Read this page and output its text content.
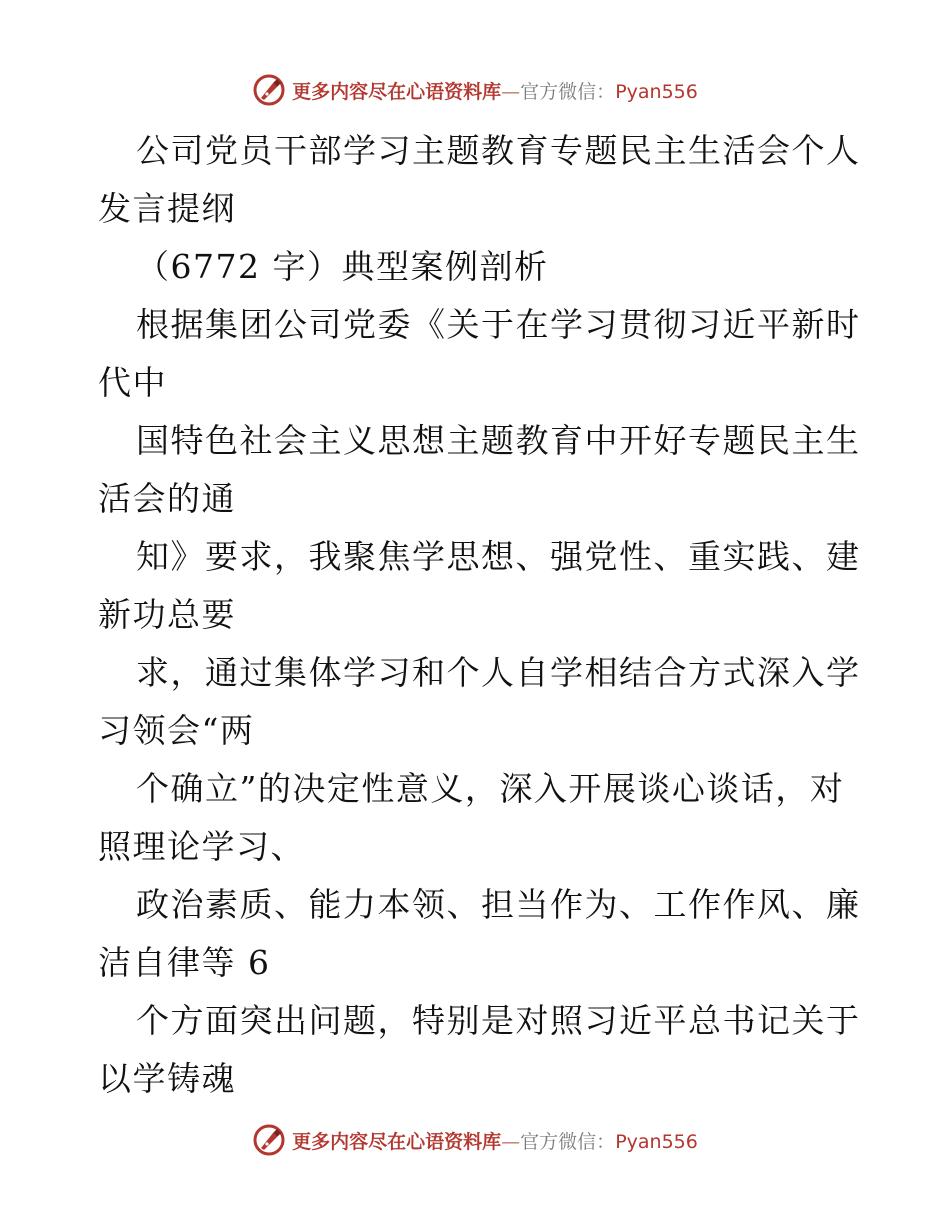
更多内容尽在心语资料库—官方微信：Pyan556
公司党员干部学习主题教育专题民主生活会个人
发言提纲
（6772 字）典型案例剖析
根据集团公司党委《关于在学习贯彻习近平新时
代中
国特色社会主义思想主题教育中开好专题民主生
活会的通
知》要求，我聚焦学思想、强党性、重实践、建
新功总要
求，通过集体学习和个人自学相结合方式深入学
习领会“两
个确立”的决定性意义，深入开展谈心谈话，对
照理论学习、
政治素质、能力本领、担当作为、工作作风、廉
洁自律等 6
个方面突出问题，特别是对照习近平总书记关于
以学铸魂
更多内容尽在心语资料库—官方微信：Pyan556
